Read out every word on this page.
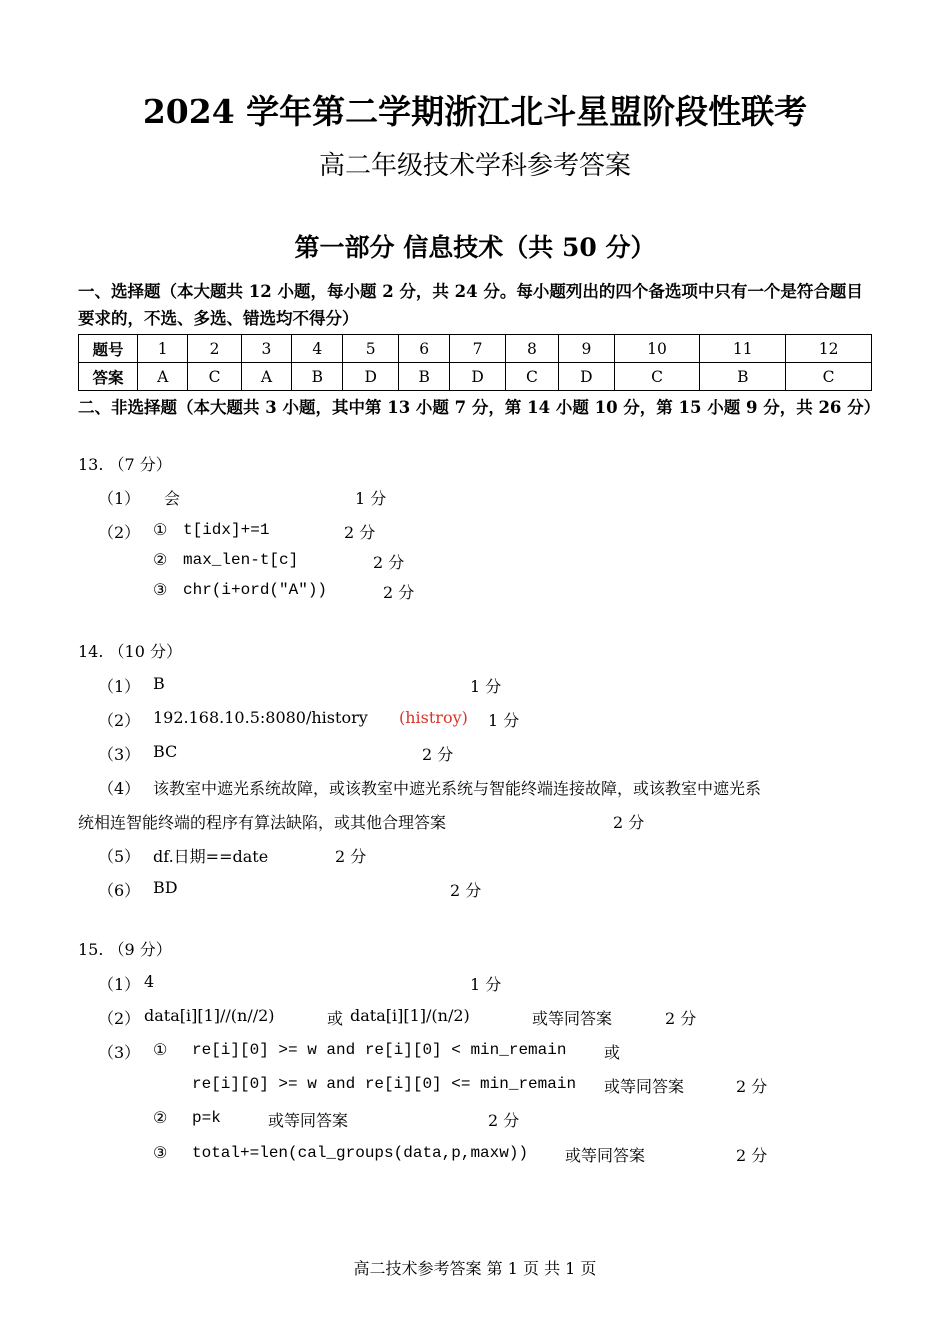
2024 学年第二学期浙江北斗星盟阶段性联考
高二年级技术学科参考答案
第一部分 信息技术（共 50 分）
一、选择题（本大题共 12 小题，每小题 2 分，共 24 分。每小题列出的四个备选项中只有一个是符合题目要求的，不选、多选、错选均不得分）
题号	1	2	3	4	5	6	7	8	9	10	11	12
答案	A	C	A	B	D	B	D	C	D	C	B	C
二、非选择题（本大题共 3 小题，其中第 13 小题 7 分，第 14 小题 10 分，第 15 小题 9 分，共 26 分）
13. （7 分）
（1） 会	1 分
（2） ① t[idx]+=1	2 分
② max_len-t[c]	2 分
③ chr(i+ord("A"))	2 分
14. （10 分）
（1） B	1 分
（2） 192.168.10.5:8080/history (histroy) 1 分
（3） BC	2 分
（4） 该教室中遮光系统故障，或该教室中遮光系统与智能终端连接故障，或该教室中遮光系
统相连智能终端的程序有算法缺陷，或其他合理答案	2 分
（5） df.日期==date	2 分
（6） BD	2 分
15. （9 分）
（1） 4	1 分
（2） data[i][1]//(n//2)	或 data[i][1]/(n/2)	或等同答案	2 分
（3） ① re[i][0] >= w and re[i][0] < min_remain 或
re[i][0] >= w and re[i][0] <= min_remain 或等同答案	2 分
② p=k	或等同答案	2 分
③ total+=len(cal_groups(data,p,maxw)) 或等同答案	2 分
高二技术参考答案 第 1 页 共 1 页
